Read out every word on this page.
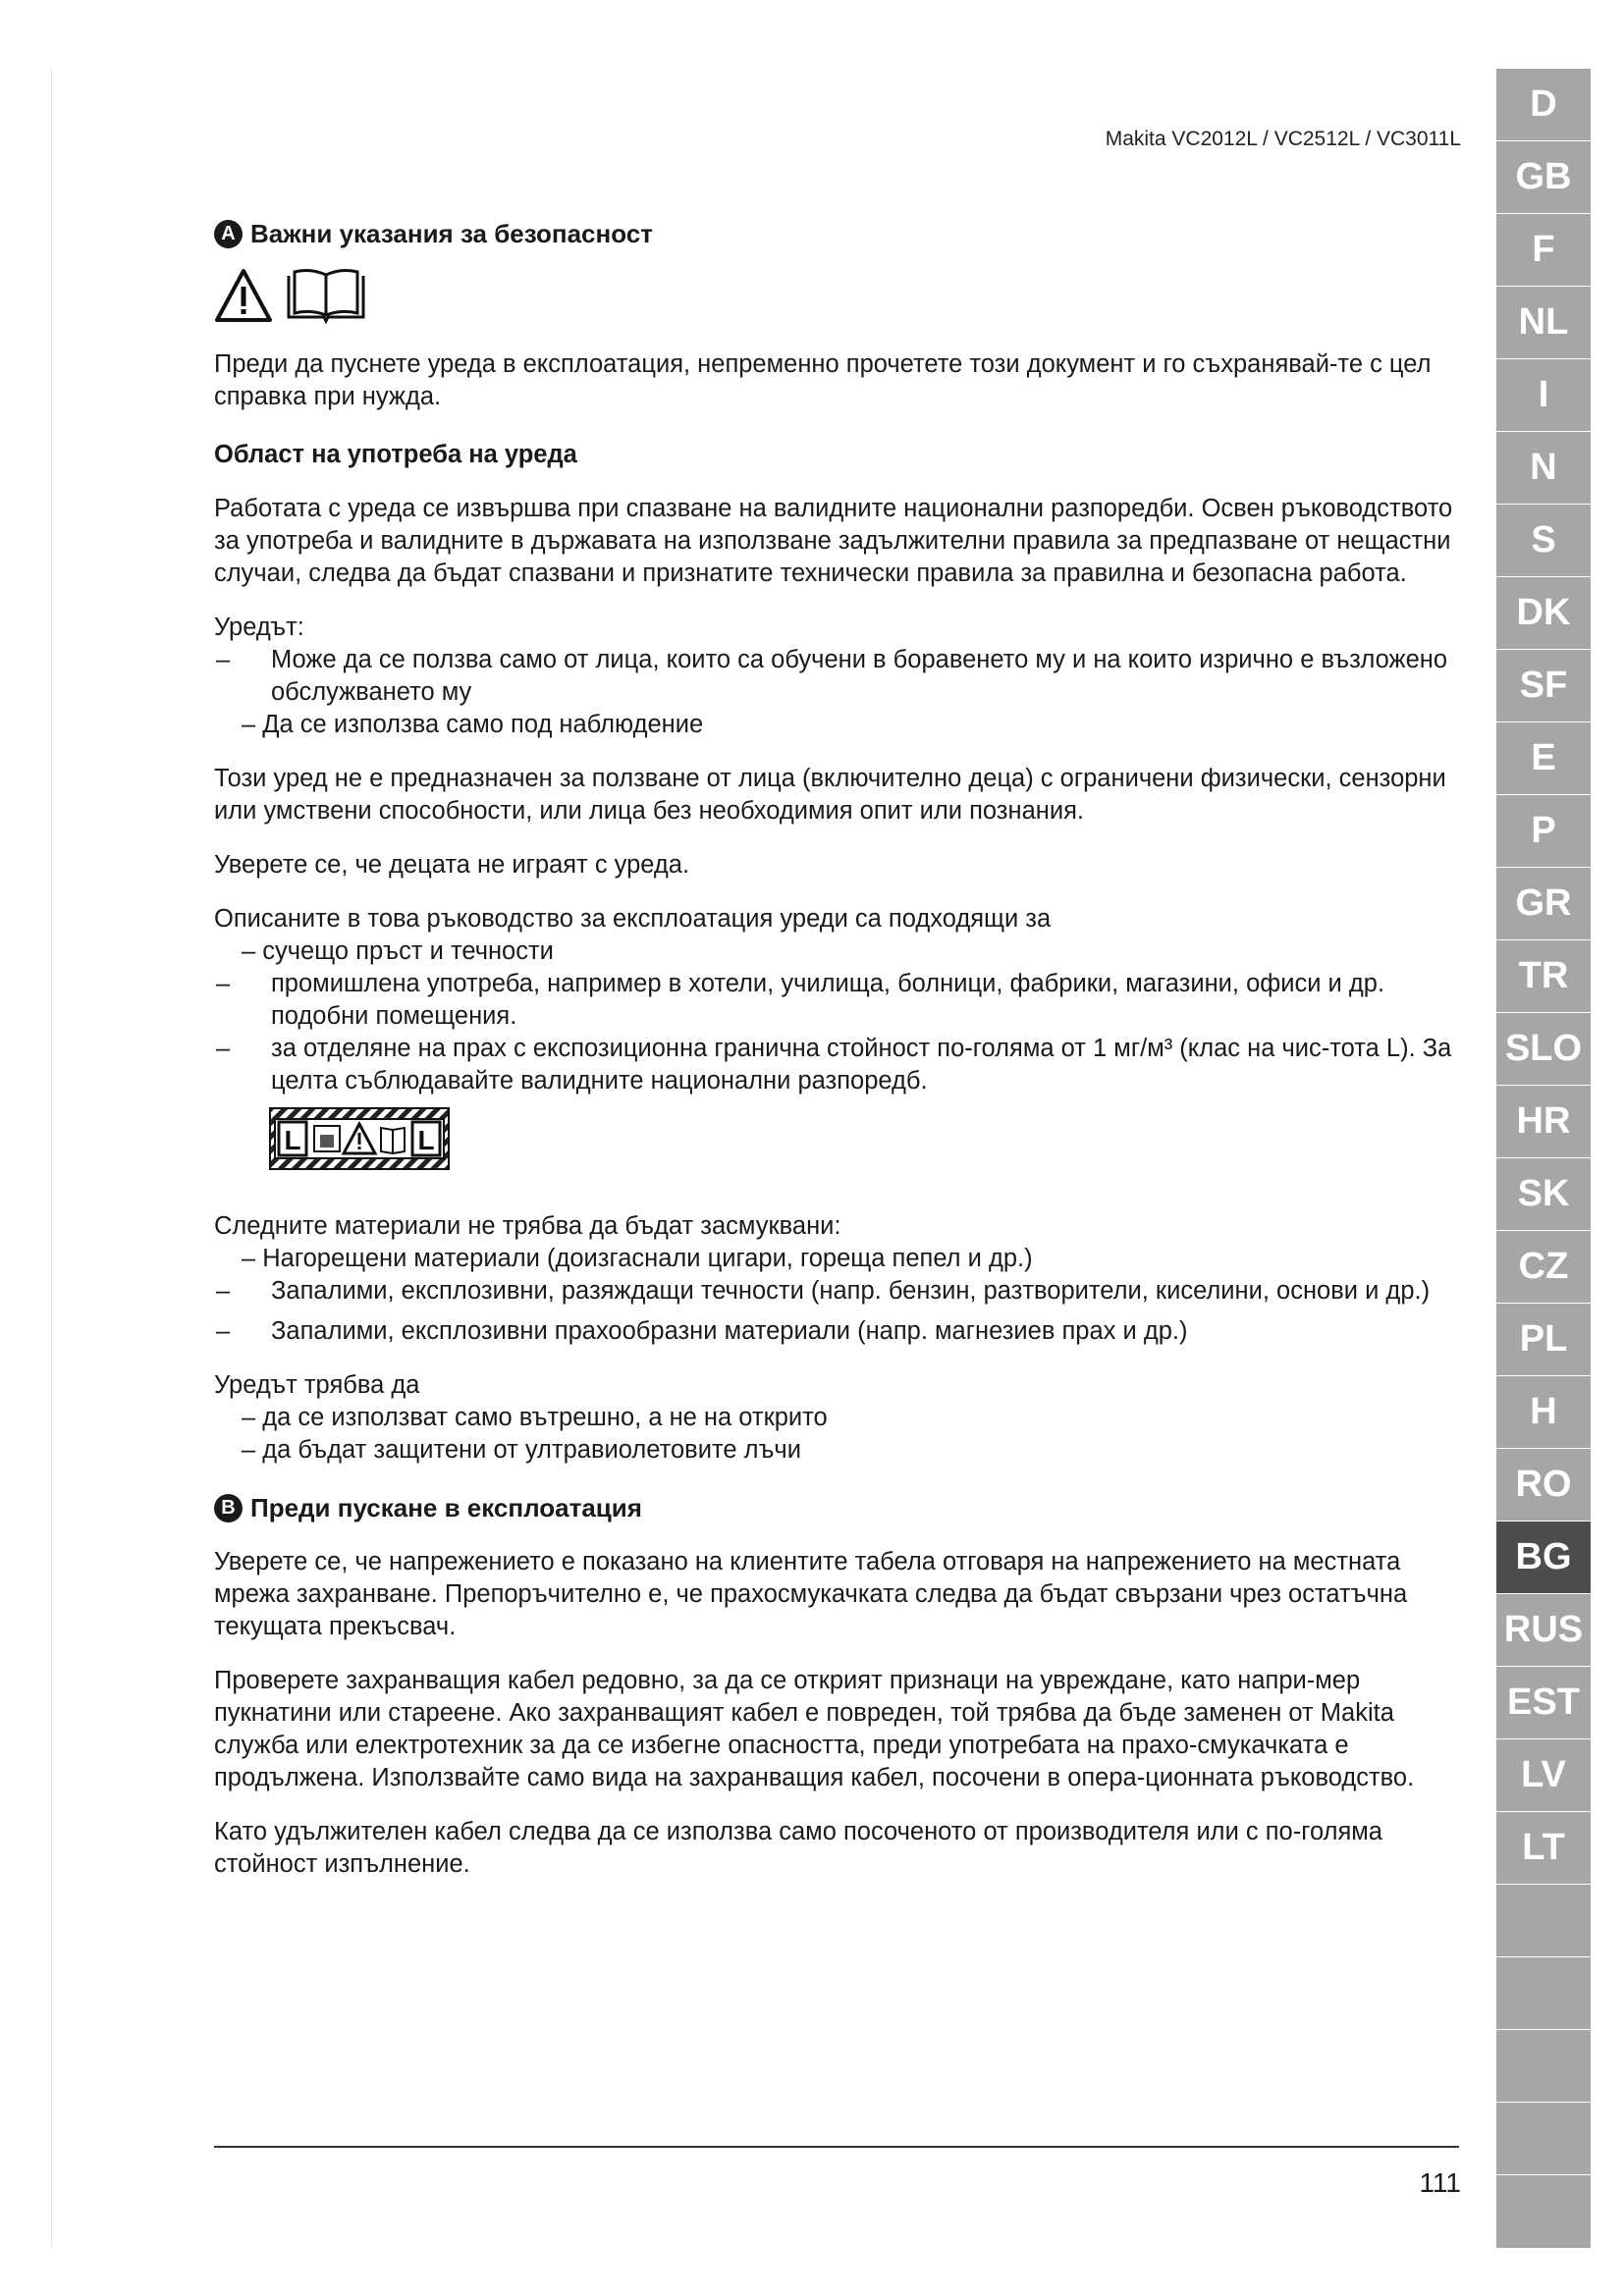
Makita VC2012L / VC2512L / VC3011L
A Важни указания за безопасност

Преди да пуснете уреда в експлоатация, непременно прочетете този документ и го съхранявай-те с цел справка при нужда.

Област на употреба на уреда

Работата с уреда се извършва при спазване на валидните национални разпоредби. Освен ръководството за употреба и валидните в държавата на използване задължителни правила за предпазване от нещастни случаи, следва да бъдат спазвани и признатите технически правила за правилна и безопасна работа.

Уредът:

–	Може да се ползва само от лица, които са обучени в боравенето му и на които изрично е възложено обслужването му

– Да се използва само под наблюдение

Този уред не е предназначен за ползване от лица (включително деца) с ограничени физически, сензорни или умствени способности, или лица без необходимия опит или познания.

Уверете се, че децата не играят с уреда.

Описаните в това ръководство за експлоатация уреди са подходящи за

– сучещо пръст и течности

–	промишлена употреба, например в хотели, училища, болници, фабрики, магазини, офиси и др. подобни помещения.
–	за отделяне на прах с експозиционна гранична стойност по-голяма от 1 мг/м³ (клас на чис-тота L). За целта съблюдавайте валидните национални разпоредб.
L	L

Следните материали не трябва да бъдат засмуквани:

– Нагорещени материали (доизгаснали цигари, горещa пепел и др.)

–	Запалими, експлозивни, разяждащи течности (напр. бензин, разтворители, киселини, основи и др.)
–	Запалими, експлозивни прахообразни материали (напр. магнезиев прах и др.)

Уредът трябва да

– да се използват само вътрешно, а не на открито

– да бъдат защитени от ултравиолетовите лъчи

B Преди пускане в експлоатация

Уверете се, че напрежението е показано на клиентите табела отговаря на напрежението на местната мрежа захранване. Препоръчително е, че прахосмукачката следва да бъдат свързани чрез остатъчна текущата прекъсвач.

Проверете захранващия кабел редовно, за да се открият признаци на увреждане, като напри-мер пукнатини или стареене. Ако захранващият кабел е повреден, той трябва да бъде заменен от Makita служба или електротехник за да се избегне опасността, преди употребата на прахо-смукачката е продължена. Използвайте само вида на захранващия кабел, посочени в опера-ционната ръководство.

Като удължителен кабел следва да се използва само посоченото от производителя или с по-голяма стойност изпълнение.

111
D
GB
F
NL
I
N
S
DK
SF
E
P
GR
TR
SLO
HR
SK
CZ
PL
H
RO
BG
RUS
EST
LV
LT
